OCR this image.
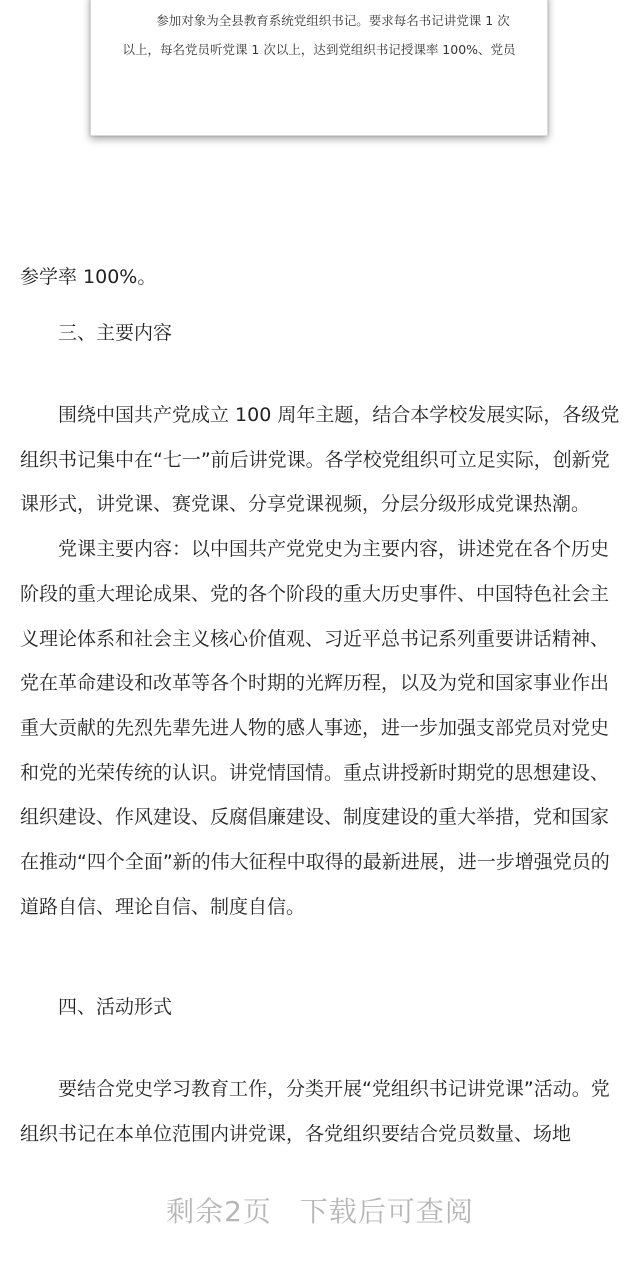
参加对象为全县教育系统党组织书记。要求每名书记讲党课 1 次
以上，每名党员听党课 1 次以上，达到党组织书记授课率 100%、党员

参学率 100%。

三、主要内容

围绕中国共产党成立 100 周年主题，结合本学校发展实际，各级党组织书记集中在“七一”前后讲党课。各学校党组织可立足实际，创新党课形式，讲党课、赛党课、分享党课视频，分层分级形成党课热潮。

党课主要内容：以中国共产党党史为主要内容，讲述党在各个历史阶段的重大理论成果、党的各个阶段的重大历史事件、中国特色社会主义理论体系和社会主义核心价值观、习近平总书记系列重要讲话精神、党在革命建设和改革等各个时期的光辉历程，以及为党和国家事业作出重大贡献的先烈先辈先进人物的感人事迹，进一步加强支部党员对党史和党的光荣传统的认识。讲党情国情。重点讲授新时期党的思想建设、组织建设、作风建设、反腐倡廉建设、制度建设的重大举措，党和国家在推动“四个全面”新的伟大征程中取得的最新进展，进一步增强党员的道路自信、理论自信、制度自信。

四、活动形式

要结合党史学习教育工作，分类开展“党组织书记讲党课”活动。党组织书记在本单位范围内讲党课，各党组织要结合党员数量、场地

剩余2页 下载后可查阅
